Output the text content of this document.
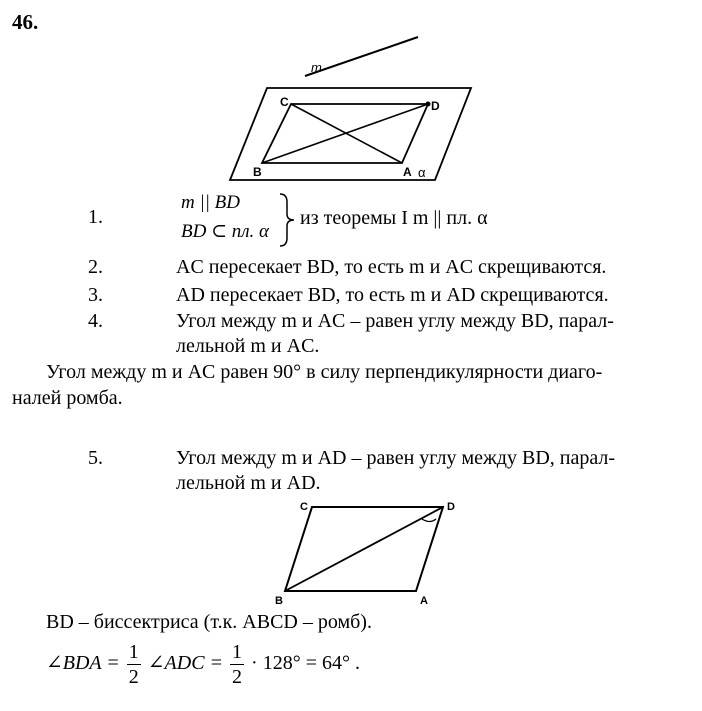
46.
m
C	D
B	A α
1.
m || BD
BD ⊂ пл. α
из теоремы I m || пл. α
2.	AC пересекает BD, то есть m и AC скрещиваются.
3.	AD пересекает BD, то есть m и AD скрещиваются.
4.	Угол между m и AC – равен углу между BD, парал-
лельной m и AC.
Угол между m и AC равен 90° в силу перпендикулярности диаго-
налей ромба.
5.	Угол между m и AD – равен углу между BD, парал-
лельной m и AD.
C	D
B	A
BD – биссектриса (т.к. ABCD – ромб).
∠BDA = $\frac{1}{2}$ ∠ADC = $\frac{1}{2} \cdot 128^\circ = 64^\circ$ .
